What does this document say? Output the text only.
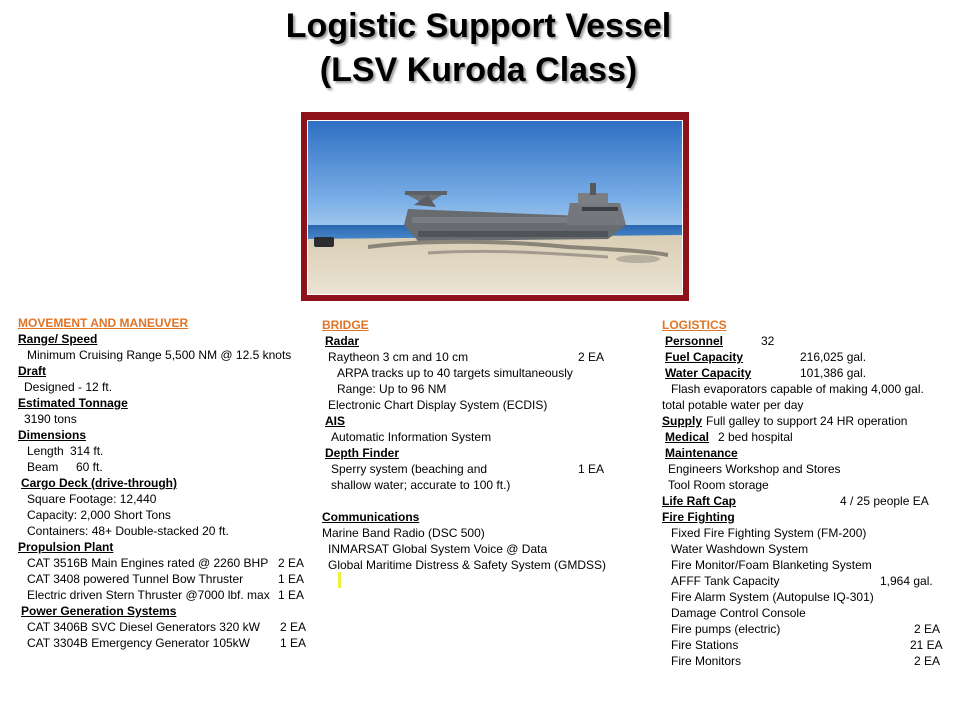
Logistic Support Vessel
(LSV Kuroda Class)
MOVEMENT AND MANEUVER
Range/ Speed
Minimum Cruising Range 5,500 NM @ 12.5 knots
Draft
Designed - 12 ft.
Estimated Tonnage
3190 tons
Dimensions
Length 314 ft.
Beam 60 ft.
Cargo Deck (drive-through)
Square Footage: 12,440
Capacity: 2,000 Short Tons
Containers: 48+ Double-stacked 20 ft.
Propulsion Plant
CAT 3516B Main Engines rated @ 2260 BHP 2 EA
CAT 3408 powered Tunnel Bow Thruster	1 EA
Electric driven Stern Thruster @7000 lbf. max 1 EA
Power Generation Systems
CAT 3406B SVC Diesel Generators 320 kW 2 EA
CAT 3304B Emergency Generator 105kW	1 EA
BRIDGE
Radar
Raytheon 3 cm and 10 cm	2 EA
ARPA tracks up to 40 targets simultaneously
Range: Up to 96 NM
Electronic Chart Display System (ECDIS)
AIS
Automatic Information System
Depth Finder
Sperry system (beaching and	1 EA
shallow water; accurate to 100 ft.)
Communications
Marine Band Radio (DSC 500)
INMARSAT Global System Voice @ Data
Global Maritime Distress & Safety System (GMDSS)
LOGISTICS
Personnel	32
Fuel Capacity	216,025 gal.
Water Capacity	101,386 gal.
Flash evaporators capable of making 4,000 gal.
total potable water per day
Supply Full galley to support 24 HR operation
Medical 2 bed hospital
Maintenance
Engineers Workshop and Stores
Tool Room storage
Life Raft Cap	4 / 25 people EA
Fire Fighting
Fixed Fire Fighting System (FM-200)
Water Washdown System
Fire Monitor/Foam Blanketing System
AFFF Tank Capacity	1,964 gal.
Fire Alarm System (Autopulse IQ-301)
Damage Control Console
Fire pumps (electric)	2 EA
Fire Stations	21 EA
Fire Monitors	2 EA
